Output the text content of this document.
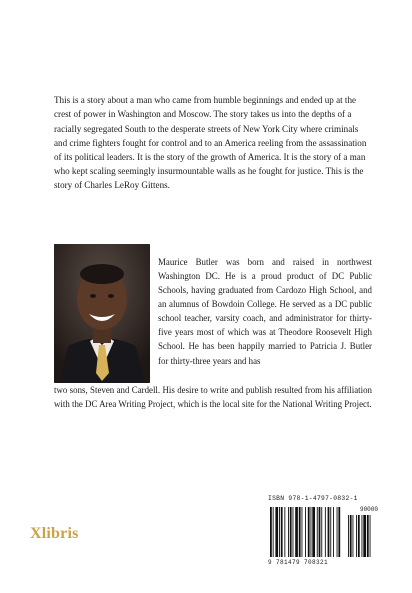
This is a story about a man who came from humble beginnings and ended up at the crest of power in Washington and Moscow. The story takes us into the depths of a racially segregated South to the desperate streets of New York City where criminals and crime fighters fought for control and to an America reeling from the assassination of its political leaders. It is the story of the growth of America. It is the story of a man who kept scaling seemingly insurmountable walls as he fought for justice. This is the story of Charles LeRoy Gittens.

Maurice Butler was born and raised in northwest Washington DC. He is a proud product of DC Public Schools, having graduated from Cardozo High School, and an alumnus of Bowdoin College. He served as a DC public school teacher, varsity coach, and administrator for thirty-five years most of which was at Theodore Roosevelt High School. He has been happily married to Patricia J. Butler for thirty-three years and has

two sons, Steven and Cardell. His desire to write and publish resulted from his affiliation with the DC Area Writing Project, which is the local site for the National Writing Project.

Xlibris
ISBN 978-1-4797-0832-1
90000
9 781479 708321
